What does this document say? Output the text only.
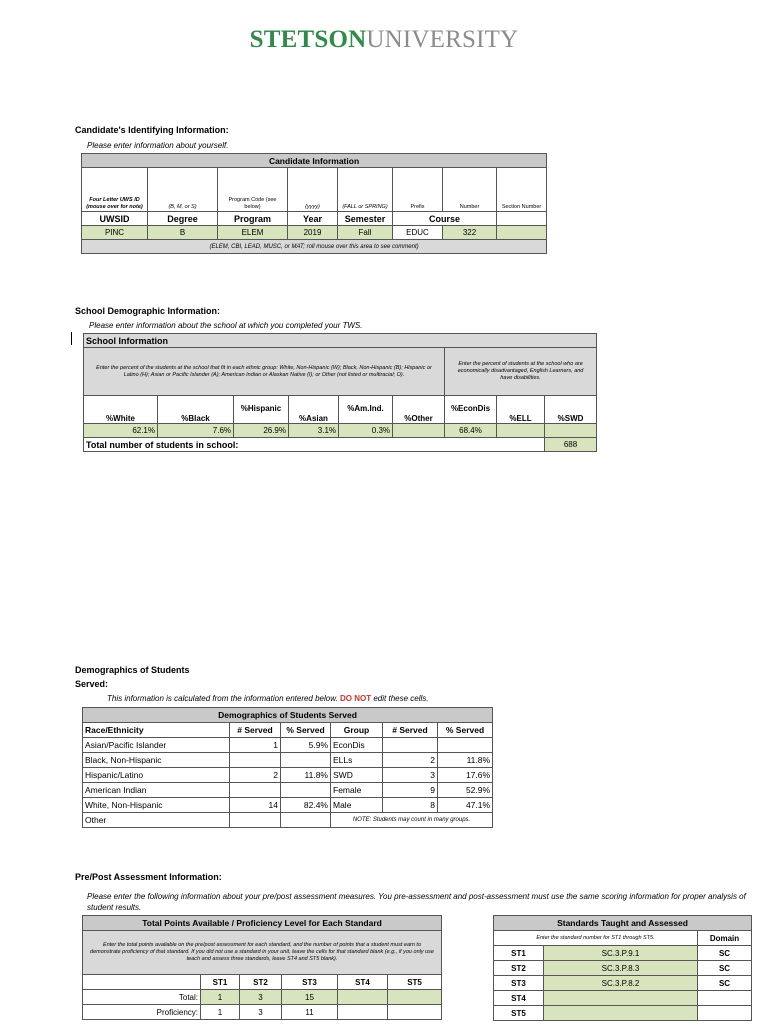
STETSONUNIVERSITY
Candidate's Identifying Information:
Please enter information about yourself.
Candidate Information							
Four Letter UWS ID (mouse over for note)	(B, M, or S)	Program Code (see below)	(yyyy)	(FALL or SPRING)	Prefix	Number	Section Number
UWSID	Degree	Program	Year	Semester	Course		
PINC	B	ELEM	2019	Fall	EDUC	322	
(ELEM, CBI, LEAD, MUSC, or MAT; roll mouse over this area to see comment)							
School Demographic Information:
Please enter information about the school at which you completed your TWS.
School Information								
Enter the percent of the students at the school that fit in each ethnic group: White, Non-Hispanic (W); Black, Non-Hispanic (B); Hispanic or Latino (H); Asian or Pacific Islander (A); American Indian or Alaskan Native (I); or Other (not listed or multiracial; O).						Enter the percent of students at the school who are economically disadvantaged, English Learners, and have disabilities.		
%White	%Black	%Hispanic	%Asian	%Am.Ind.	%Other	%EconDis	%ELL	%SWD
62.1%	7.6%	26.9%	3.1%	0.3%		68.4%		
Total number of students in school:								688
Demographics of Students
Served:
This information is calculated from the information entered below. DO NOT edit these cells.
Demographics of Students Served					
Race/Ethnicity	# Served	% Served	Group	# Served	% Served
Asian/Pacific Islander	1	5.9%	EconDis		
Black, Non-Hispanic			ELLs	2	11.8%
Hispanic/Latino	2	11.8%	SWD	3	17.6%
American Indian			Female	9	52.9%
White, Non-Hispanic	14	82.4%	Male	8	47.1%
Other			NOTE: Students may count in many groups.		
Pre/Post Assessment Information:
Please enter the following information about your pre/post assessment measures. You pre-assessment and post-assessment must use the same scoring information for proper analysis of student results.
Total Points Available / Proficiency Level for Each Standard					
Enter the total points available on the pre/post assessment for each standard, and the number of points that a student must earn to demonstrate proficiency of that standard. If you did not use a standard in your unit, leave the cells for that standard blank (e.g., if you only use teach and assess three standards, leave ST4 and ST5 blank).					
	ST1	ST2	ST3	ST4	ST5
Total:	1	3	15		
Proficiency:	1	3	11		
Standards Taught and Assessed		
Enter the standard number for ST1 through ST5.		Domain
ST1	SC.3.P.9.1	SC
ST2	SC.3.P.8.3	SC
ST3	SC.3.P.8.2	SC
ST4		
ST5		
